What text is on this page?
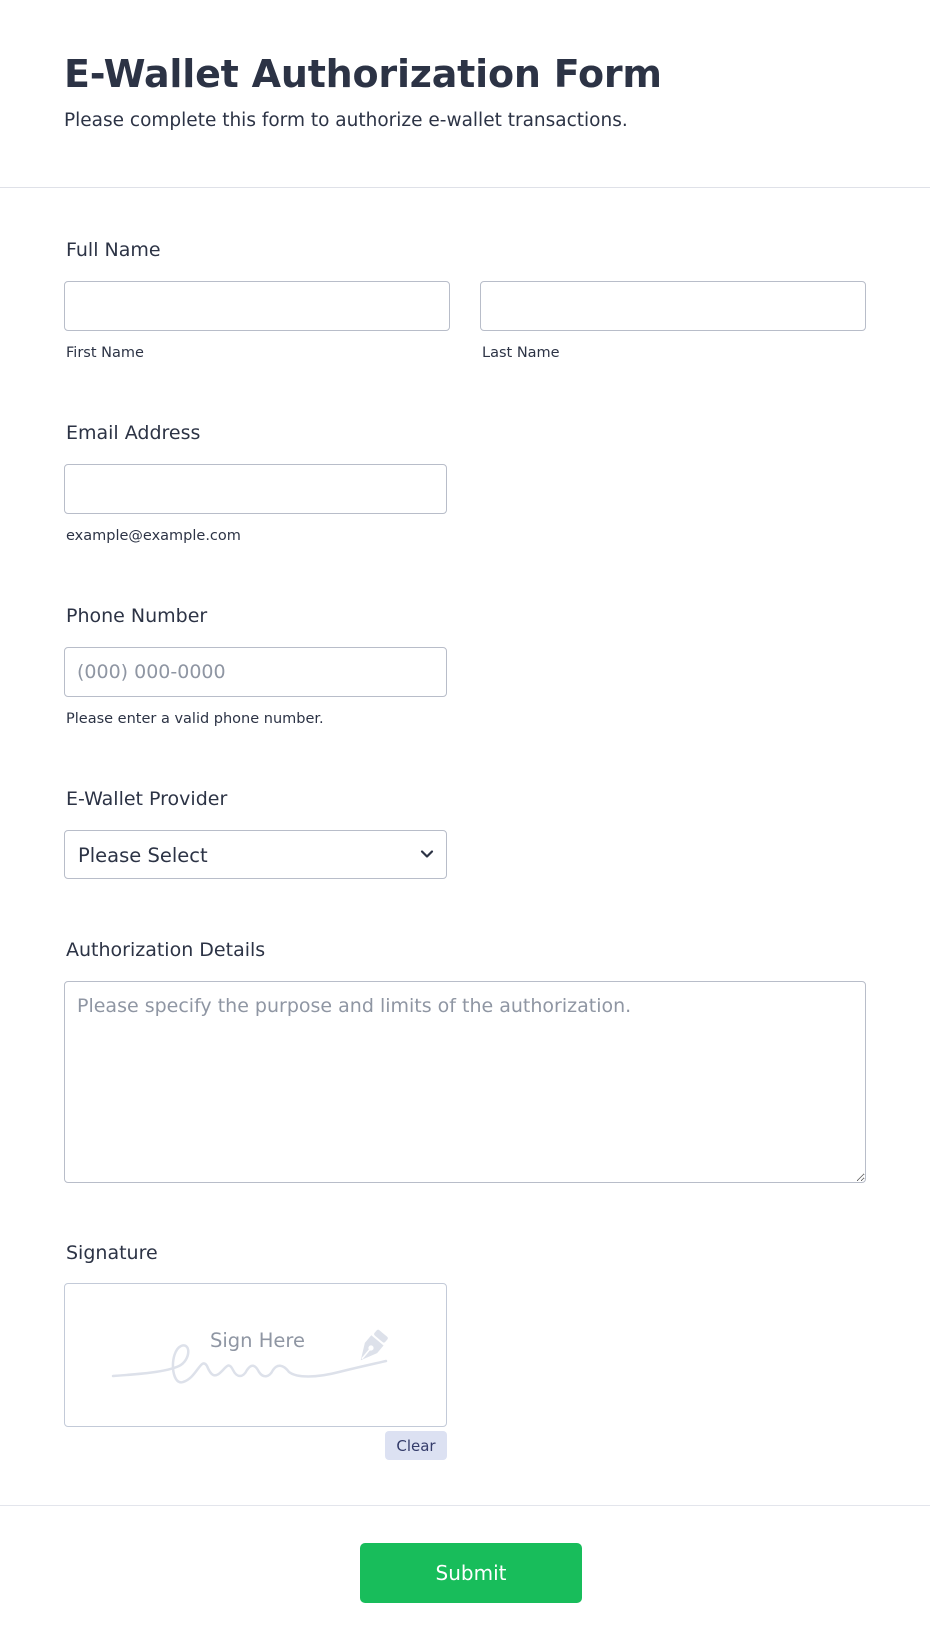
E-Wallet Authorization Form
Please complete this form to authorize e-wallet transactions.
Full Name
First Name	Last Name
Email Address
example@example.com
Phone Number
(000) 000-0000
Please enter a valid phone number.
E-Wallet Provider
Please Select
Authorization Details
Please specify the purpose and limits of the authorization.
Signature
Sign Here
Clear
Submit
